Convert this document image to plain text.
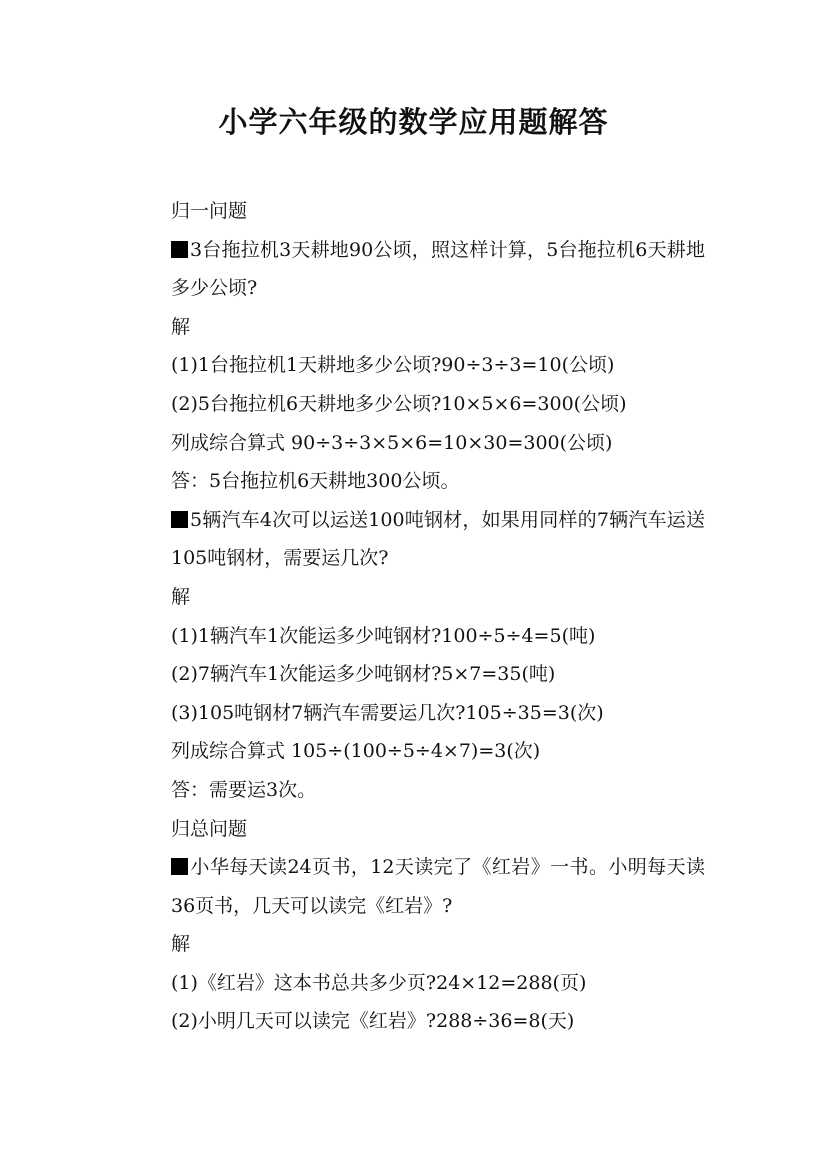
小学六年级的数学应用题解答

归一问题

3台拖拉机3天耕地90公顷，照这样计算，5台拖拉机6天耕地多少公顷?

解

(1)1台拖拉机1天耕地多少公顷?90÷3÷3=10(公顷)

(2)5台拖拉机6天耕地多少公顷?10×5×6=300(公顷)

列成综合算式 90÷3÷3×5×6=10×30=300(公顷)

答：5台拖拉机6天耕地300公顷。

5辆汽车4次可以运送100吨钢材，如果用同样的7辆汽车运送105吨钢材，需要运几次?

解

(1)1辆汽车1次能运多少吨钢材?100÷5÷4=5(吨)

(2)7辆汽车1次能运多少吨钢材?5×7=35(吨)

(3)105吨钢材7辆汽车需要运几次?105÷35=3(次)

列成综合算式 105÷(100÷5÷4×7)=3(次)

答：需要运3次。

归总问题

小华每天读24页书，12天读完了《红岩》一书。小明每天读36页书，几天可以读完《红岩》?

解

(1)《红岩》这本书总共多少页?24×12=288(页)

(2)小明几天可以读完《红岩》?288÷36=8(天)
